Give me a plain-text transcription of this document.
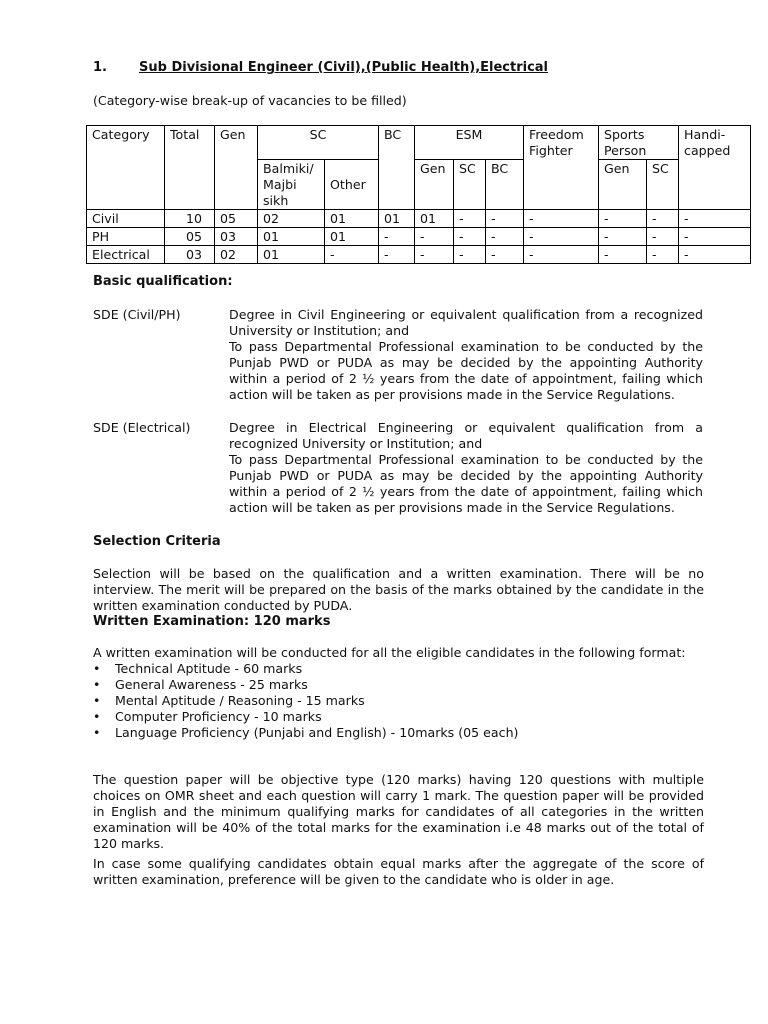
1. Sub Divisional Engineer (Civil),(Public Health),Electrical
(Category-wise break-up of vacancies to be filled)
Category	Total	Gen	SC		BC	ESM			Freedom Fighter	Sports Person		Handi- capped
			Balmiki/ Majbi sikh	Other		Gen	SC	BC		Gen	SC	
Civil	10	05	02	01	01	01	-	-	-	-	-	-
PH	05	03	01	01	-	-	-	-	-	-	-	-
Electrical	03	02	01	-	-	-	-	-	-	-	-	-
Basic qualification:
SDE (Civil/PH)	Degree in Civil Engineering or equivalent qualification from a recognized University or Institution; and

To pass Departmental Professional examination to be conducted by the Punjab PWD or PUDA as may be decided by the appointing Authority within a period of 2 ½ years from the date of appointment, failing which action will be taken as per provisions made in the Service Regulations.

SDE (Electrical)	Degree in Electrical Engineering or equivalent qualification from a recognized University or Institution; and

To pass Departmental Professional examination to be conducted by the Punjab PWD or PUDA as may be decided by the appointing Authority within a period of 2 ½ years from the date of appointment, failing which action will be taken as per provisions made in the Service Regulations.

Selection Criteria

Selection will be based on the qualification and a written examination. There will be no interview. The merit will be prepared on the basis of the marks obtained by the candidate in the written examination conducted by PUDA.

Written Examination: 120 marks
A written examination will be conducted for all the eligible candidates in the following format:
• Technical Aptitude - 60 marks
• General Awareness - 25 marks
• Mental Aptitude / Reasoning - 15 marks
• Computer Proficiency - 10 marks
• Language Proficiency (Punjabi and English) - 10marks (05 each)

The question paper will be objective type (120 marks) having 120 questions with multiple choices on OMR sheet and each question will carry 1 mark. The question paper will be provided in English and the minimum qualifying marks for candidates of all categories in the written examination will be 40% of the total marks for the examination i.e 48 marks out of the total of 120 marks.

In case some qualifying candidates obtain equal marks after the aggregate of the score of written examination, preference will be given to the candidate who is older in age.
